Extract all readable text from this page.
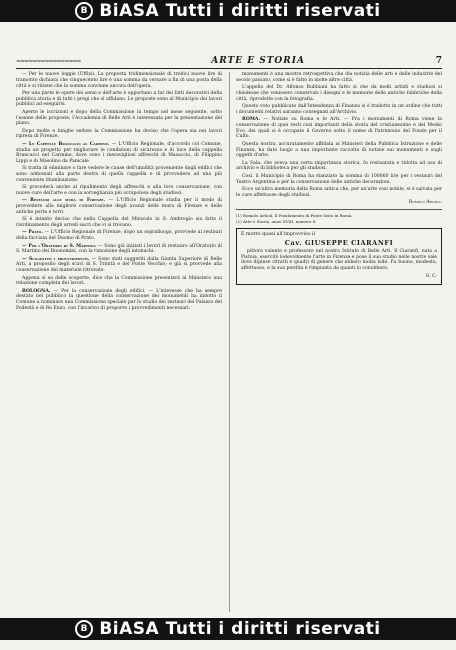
B BiASA Tutti i diritti riservati
≈≈≈≈≈≈≈≈≈≈≈≈≈≈≈≈	ARTE E STORIA	7

— Per le nuove loggie (Uffizi). La proposta tridimensionale di tredici nuove lire di tramonto dichiara che cinquecento lire è una somma da versare a fin di una posta della città e si ritiene che la somma conviene ancora dell'opera.

Per una parte le opere dei sensi e dell'arte è opportuno a far dei fatti decorativi della pubblica storia e di tutti i pregi che si affidano. Le proposte sono al Municipio dei lavori pubblici ad eseguirsi.

Aperte le iscrizioni e dopo della Commissione in tempo nel mese seguente, sotto l'esame delle proposte; l'Accademia di Belle Arti è interessata per la presentazione del piano.

Dopo molte e lunghe sedute la Commissione ha deciso che l'opera sia nei lavori ripresa di Firenze.

— Le Cappelle Brancacci al Carmine. — L'Ufficio Regionale, d'accordo col Comune, studia un progetto per migliorare le condizioni di sicurezza e di luce della cappella Brancacci nel Carmine, dove sono i meravigliosi affreschi di Masaccio, di Filippino Lippi e di Masolino da Panicale.

Si tratta di eliminare o fare vedere le cause dell'umidità proveniente dagli edifici che sono addossati alla parte destra di quella cappella e di provvedere ad una più conveniente illuminazione.

Si procederà anche al ripulimento degli affreschi e alla loro conservazione, con nuove cure dell'arte e con la sorveglianza più scrupolosa degli studiosi.

— Restauri alle mura di Firenze. — L'Ufficio Regionale studia per il modo di provvedere alla migliore conservazione degli avanzi delle mura di Firenze e delle antiche porte e torri.

Si è intanto deciso che nella Cappella del Miracolo in S. Ambrogio sia fatto il riordinamento degli arredi sacri che vi si trovano.

— Prato. — L'Ufficio Regionale di Firenze, dopo un sopralluogo, provvede ai restauri della facciata del Duomo di Prato.

— Per l'Oratorio di S. Martino. — Sono già iniziati i lavori di restauro all'Oratorio di S. Martino dei Buonomini, con la rimozione degli intonachi.

— Suggestiti i provvedimenti. — Sono stati suggeriti dalla Giunta Superiore di Belle Arti, a proposito degli scavi di S. Trinità e del Ponte Vecchio; e già si provvede alla conservazione del materiale ritrovato.

Appena si sa delle scoperte, dice che la Commissione presenterà al Ministero una relazione completa dei lavori.

BOLOGNA. — Per la conservazione degli edifici. — L'interesse che ha sempre destato nel pubblico la questione della conservazione dei monumenti ha indotto il Comune a nominare una Commissione speciale per lo studio dei restauri del Palazzo del Podestà e di Re Enzo, con l'incarico di proporre i provvedimenti necessari.

monumenti e una mostra retrospettiva che dia notizia delle arti e delle industrie del secolo passato, come si è fatto in molte altre città.

L'appello del Dr. Alfonso Rubbiani ha fatto sì che da molti artisti e studiosi si chiedesse che venissero conservati i disegni e le memorie delle antiche fabbriche della città, riprodotte con la fotografia.

Questo voto pubblicato dall'Intendenza di Finanza si è tradotto in un ordine che tutti i documenti relativi saranno consegnati all'Archivio.

ROMA. — Notizie su Roma e le Arti. — Fra i monumenti di Roma viene la conservazione di quei resti così importanti della storia del cristianesimo e del Medio Evo, dei quali si è occupato il Governo sotto il nome di Patrimonio del Fondo per il Culto.

Questa nostra, accuratamente affidata ai Ministeri della Pubblica Istruzione e delle Finanze, ha dato luogo a una importante raccolta di notizie sui monumenti e sugli oggetti d'arte.

La Sala, che aveva una certa importanza storica, fu restaurata e ridotta ad uso di archivio e di biblioteca per gli studiosi.

Così, il Municipio di Roma ha stanziato la somma di 100000 lire per i restauri del Teatro Argentina e per la conservazione delle antiche decorazioni.

Ecco un'altra memoria della Roma antica che, per un'arte così nobile, si è salvata per le cure affettuose degli studiosi.

Romolo Artioli.

(1) Romolo Artioli, Il Fondamento di Ponte Sisto in Roma.

(2) Arte e Storia, anno XVIII, numero 8.

È morto quasi all'improvviso il

Cav. GIUSEPPE CIARANFI

pittore valente e professore nel nostro Istituto di Belle Arti. Il Ciaranfi, nato a Pistoia, esercitò lodevolmente l'arte in Firenze e pose il suo studio nelle nostre sale dove dipinse ritratti e quadri di genere che ebbero molta lode. Fu buono, modesto, affettuoso, e la sua perdita è rimpianta da quanti lo conobbero.

G. C.

B BiASA Tutti i diritti riservati
